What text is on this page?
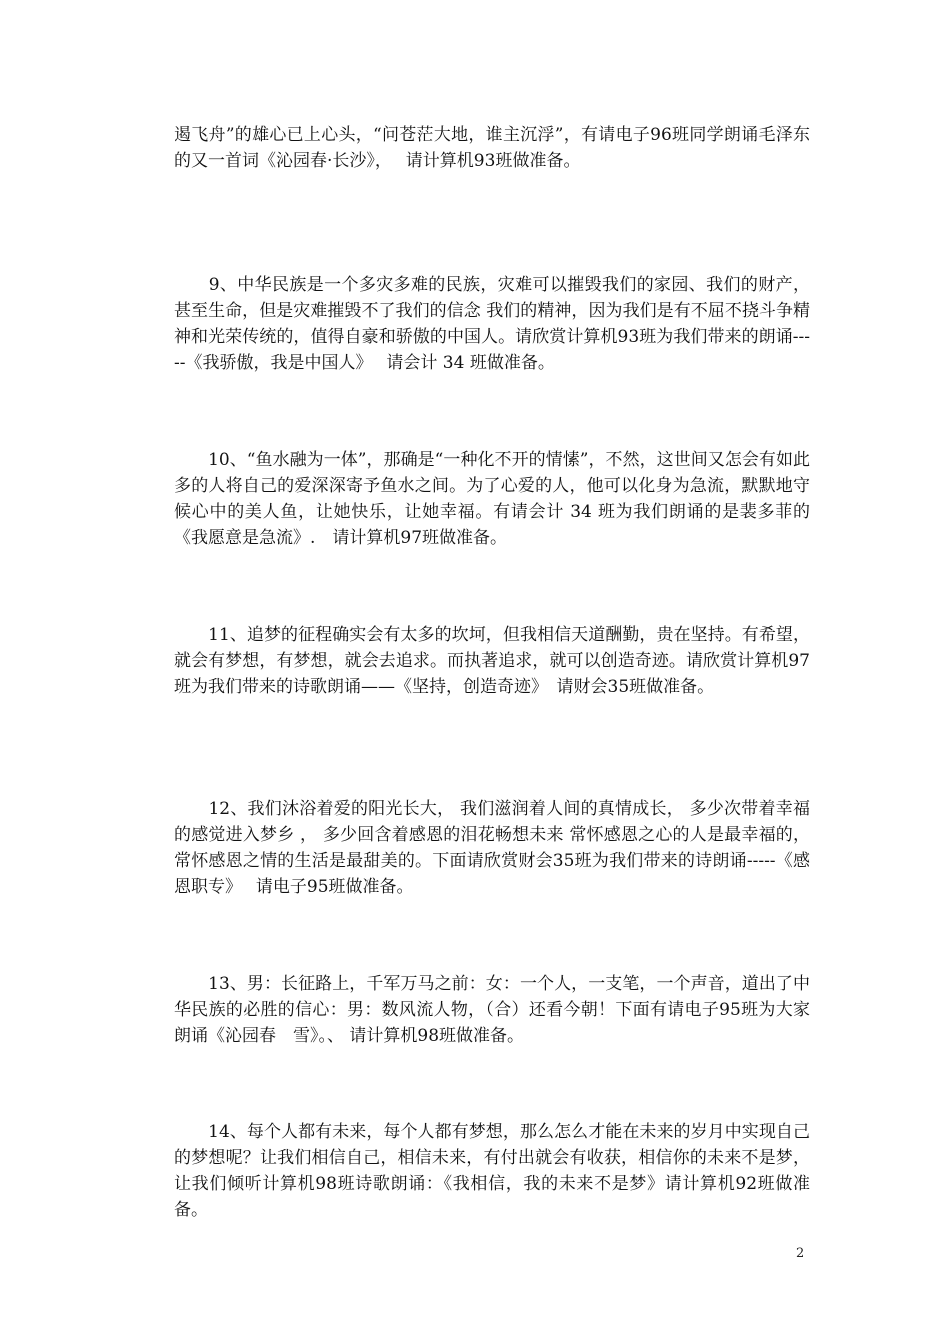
遏飞舟”的雄心已上心头，“问苍茫大地，谁主沉浮”，有请电子96班同学朗诵毛泽东的又一首词《沁园春·长沙》，　 请计算机93班做准备。

　　9、中华民族是一个多灾多难的民族，灾难可以摧毁我们的家园、我们的财产，甚至生命，但是灾难摧毁不了我们的信念 我们的精神，因为我们是有不屈不挠斗争精神和光荣传统的，值得自豪和骄傲的中国人。请欣赏计算机93班为我们带来的朗诵-----《我骄傲，我是中国人》　 请会计 34 班做准备。

　　10、“鱼水融为一体”，那确是“一种化不开的情愫”，不然，这世间又怎会有如此多的人将自己的爱深深寄予鱼水之间。为了心爱的人，他可以化身为急流，默默地守候心中的美人鱼，让她快乐，让她幸福。有请会计 34 班为我们朗诵的是裴多菲的《我愿意是急流》.　请计算机97班做准备。

　　11、追梦的征程确实会有太多的坎坷，但我相信天道酬勤，贵在坚持。有希望，就会有梦想，有梦想，就会去追求。而执著追求，就可以创造奇迹。请欣赏计算机97班为我们带来的诗歌朗诵——《坚持，创造奇迹》　请财会35班做准备。

　　12、我们沐浴着爱的阳光长大， 我们滋润着人间的真情成长， 多少次带着幸福的感觉进入梦乡 ， 多少回含着感恩的泪花畅想未来 常怀感恩之心的人是最幸福的，常怀感恩之情的生活是最甜美的。下面请欣赏财会35班为我们带来的诗朗诵-----《感恩职专》　 请电子95班做准备。

　　13、男：长征路上，千军万马之前：女：一个人，一支笔，一个声音，道出了中华民族的必胜的信心：男：数风流人物，（合）还看今朝！下面有请电子95班为大家朗诵《沁园春　雪》。、 请计算机98班做准备。

　　14、每个人都有未来，每个人都有梦想，那么怎么才能在未来的岁月中实现自己的梦想呢？让我们相信自己，相信未来，有付出就会有收获，相信你的未来不是梦，让我们倾听计算机98班诗歌朗诵：《我相信，我的未来不是梦》请计算机92班做准备。

2
